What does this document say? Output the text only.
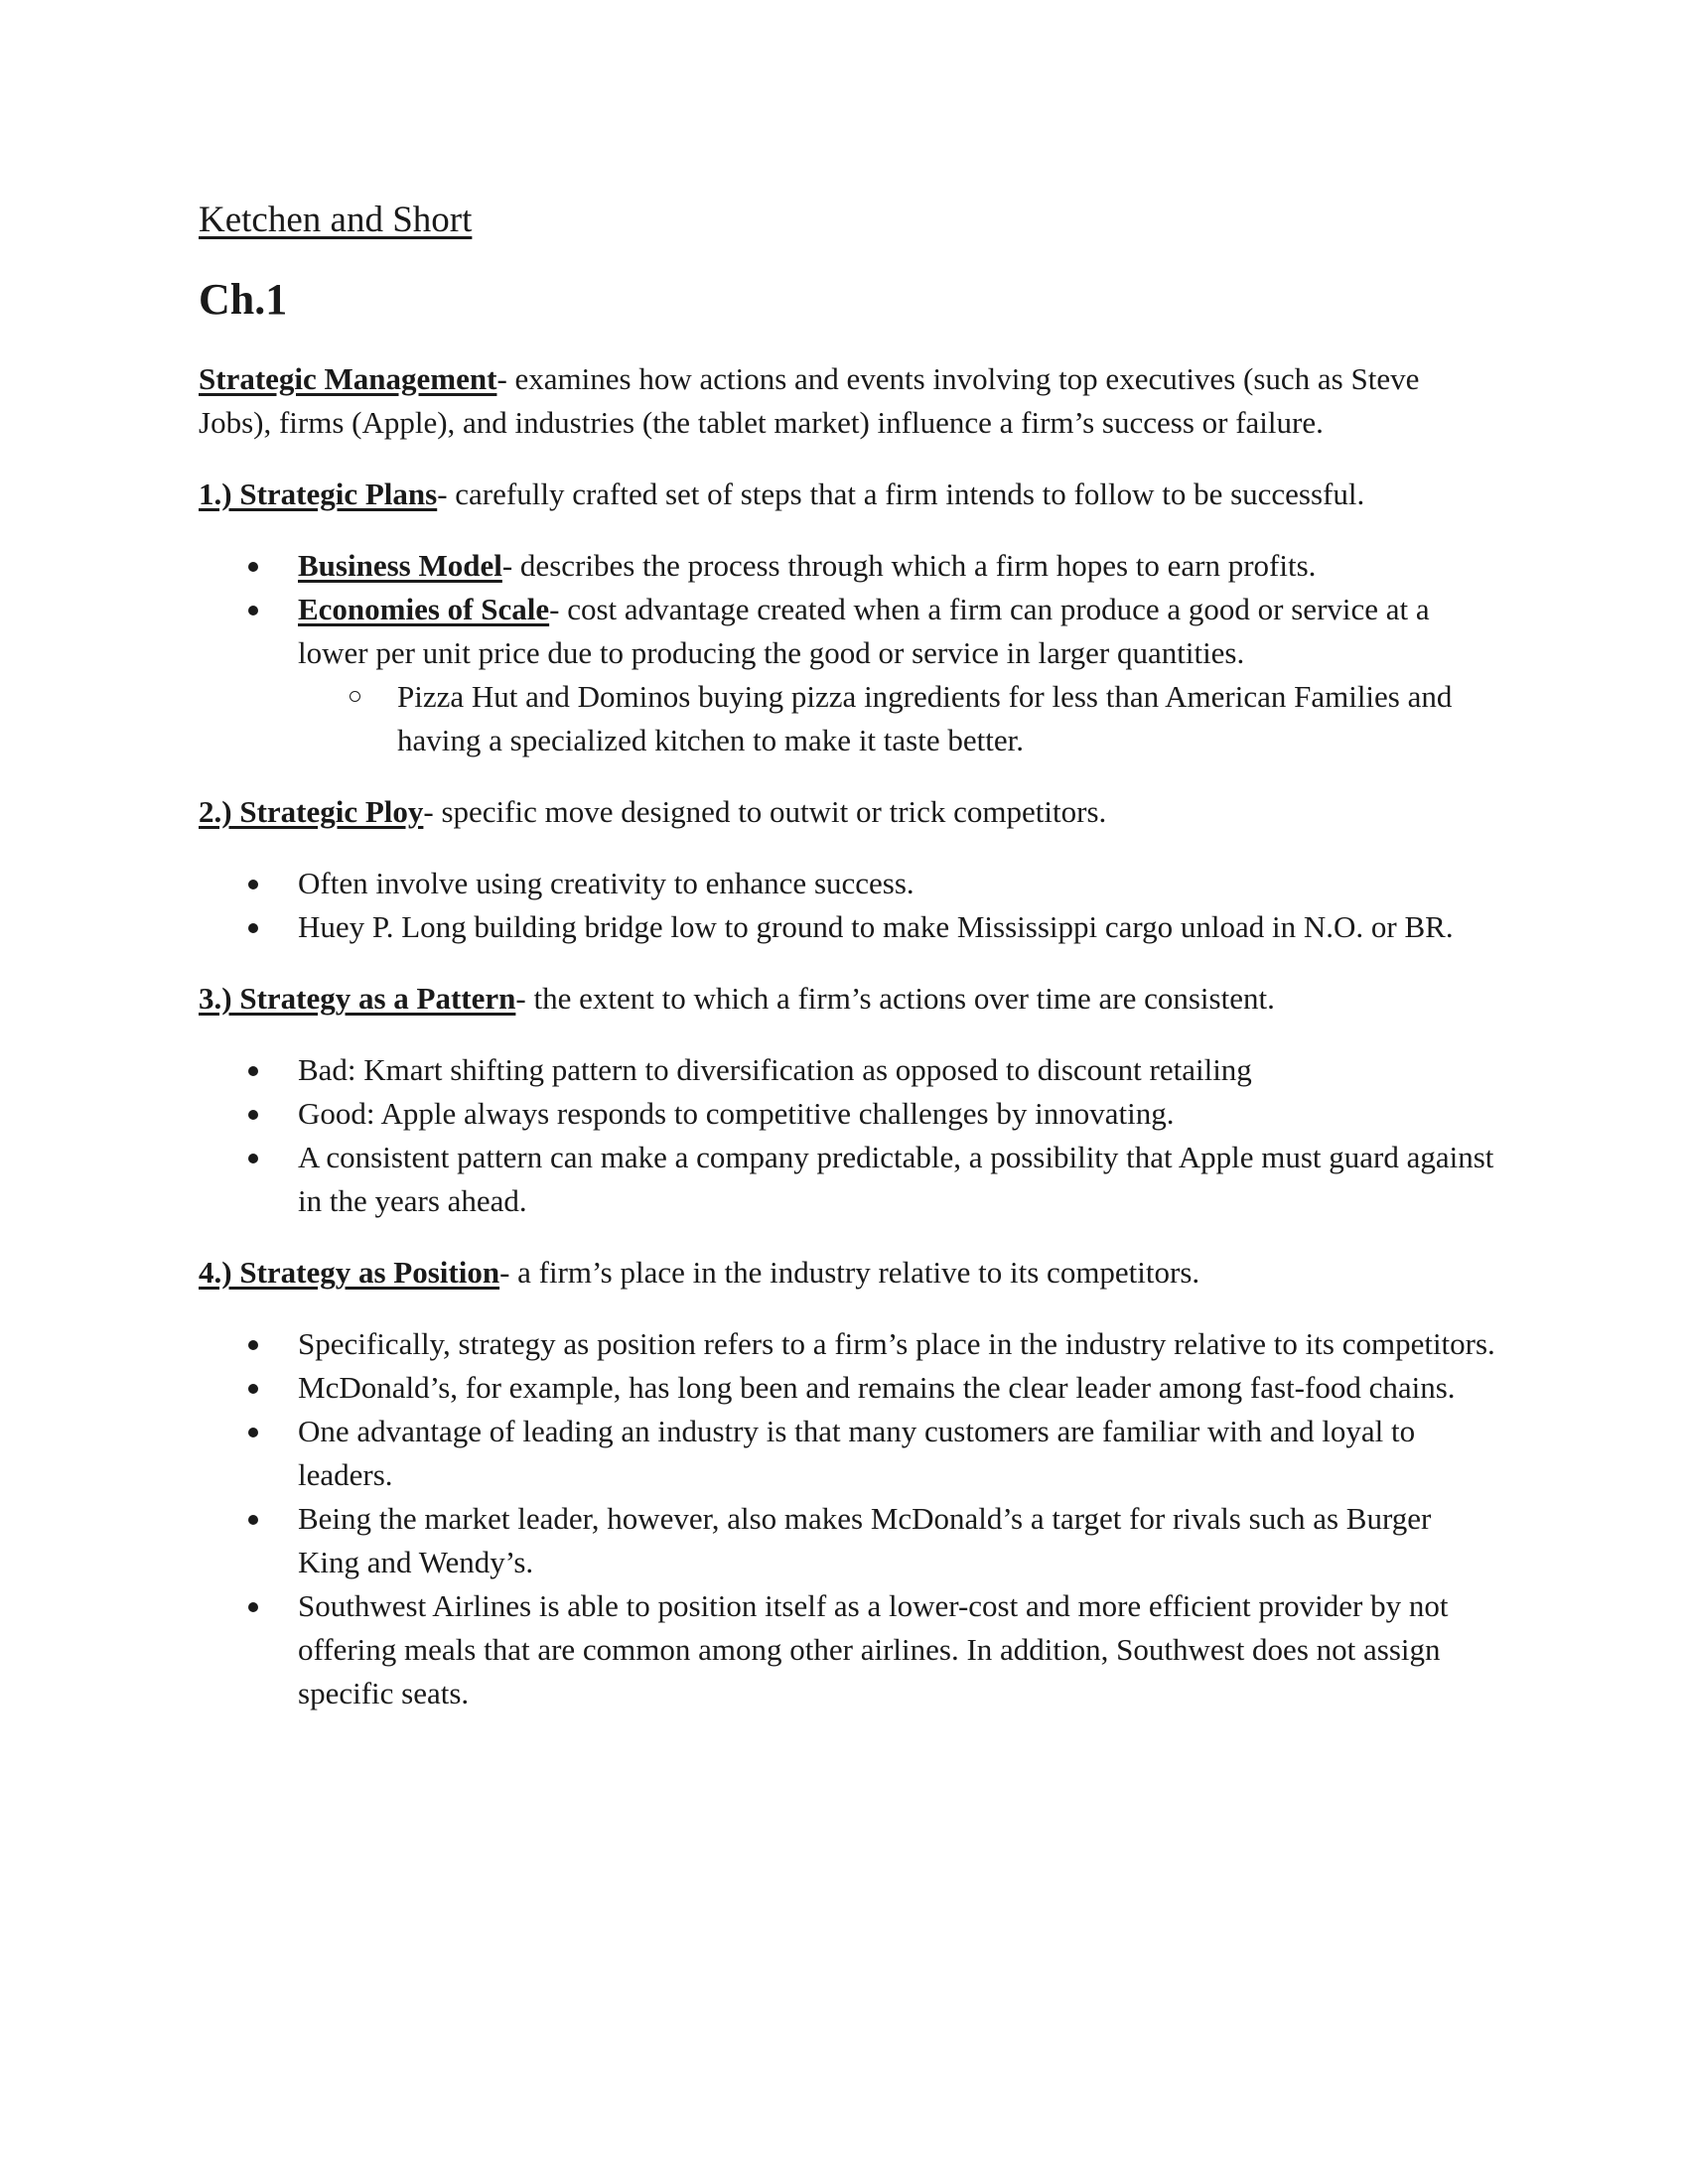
Ketchen and Short
Ch.1

Strategic Management- examines how actions and events involving top executives (such as Steve Jobs), firms (Apple), and industries (the tablet market) influence a firm’s success or failure.

1.) Strategic Plans- carefully crafted set of steps that a firm intends to follow to be successful.

Business Model- describes the process through which a firm hopes to earn profits.
Economies of Scale- cost advantage created when a firm can produce a good or service at a lower per unit price due to producing the good or service in larger quantities.
Pizza Hut and Dominos buying pizza ingredients for less than American Families and having a specialized kitchen to make it taste better.

2.) Strategic Ploy- specific move designed to outwit or trick competitors.

Often involve using creativity to enhance success.
Huey P. Long building bridge low to ground to make Mississippi cargo unload in N.O. or BR.

3.) Strategy as a Pattern- the extent to which a firm’s actions over time are consistent.

Bad: Kmart shifting pattern to diversification as opposed to discount retailing
Good: Apple always responds to competitive challenges by innovating.
A consistent pattern can make a company predictable, a possibility that Apple must guard against in the years ahead.

4.) Strategy as Position- a firm’s place in the industry relative to its competitors.

Specifically, strategy as position refers to a firm’s place in the industry relative to its competitors.
McDonald’s, for example, has long been and remains the clear leader among fast-food chains.
One advantage of leading an industry is that many customers are familiar with and loyal to leaders.
Being the market leader, however, also makes McDonald’s a target for rivals such as Burger King and Wendy’s.
Southwest Airlines is able to position itself as a lower-cost and more efficient provider by not offering meals that are common among other airlines. In addition, Southwest does not assign specific seats.
